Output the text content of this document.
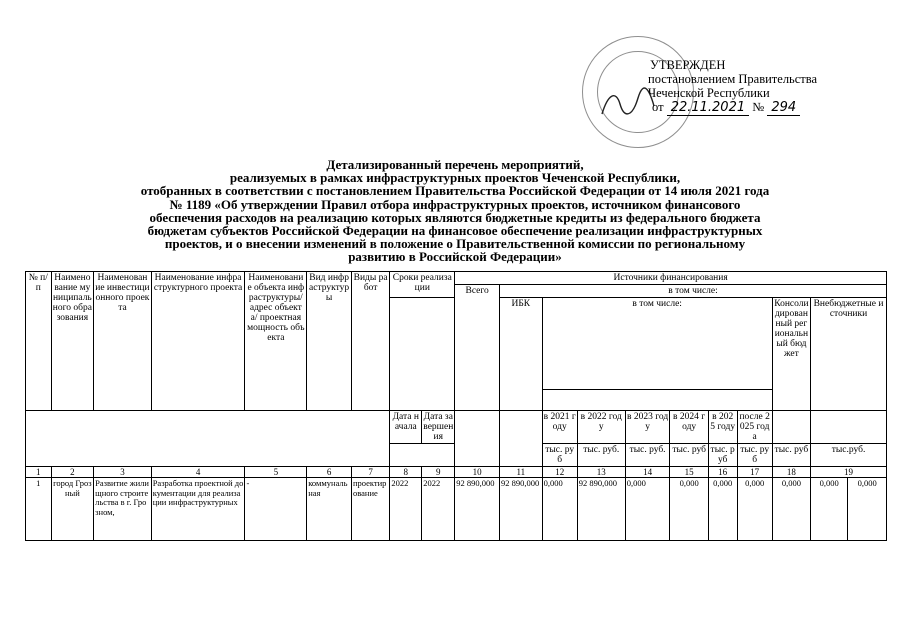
УТВЕРЖДЕН
постановлением Правительства
Чеченской Республики
от 22.11.2021 № 294
Детализированный перечень мероприятий,
реализуемых в рамках инфраструктурных проектов Чеченской Республики,
отобранных в соответствии с постановлением Правительства Российской Федерации от 14 июля 2021 года
№ 1189 «Об утверждении Правил отбора инфраструктурных проектов, источником финансового
обеспечения расходов на реализацию которых являются бюджетные кредиты из федерального бюджета
бюджетам субъектов Российской Федерации на финансовое обеспечение реализации инфраструктурных
проектов, и о внесении изменений в положение о Правительственной комиссии по региональному
развитию в Российской Федерации»
№ п/п	Наименование муниципального образования	Наименование инвестиционного проекта	Наименование инфраструктурного проекта	Наименование объекта инфраструктуры/ адрес объекта/ проектная мощность объекта	Вид инфраструктуры	Виды работ	Сроки реализации		Источники финансирования										
									Всего	в том числе:									
										ИБК	в том числе:						Консолидированный региональный бюджет	Внебюджетные источники	

							Дата начала	Дата завершения			в 2021 году	в 2022 году	в 2023 году	в 2024 году	в 2025 году	после 2025 года			
											тыс. руб	тыс. руб.	тыс. руб.	тыс. руб	тыс. руб	тыс. руб	тыс. руб	тыс.руб.	
1	2	3	4	5	6	7	8	9	10	11	12	13	14	15	16	17	18	19	
1	город Грозный	Развитие жилищного строительства в г. Грозном,	Разработка проектной документации для реализации инфраструктурных	-	коммунальная	проектирование	2022	2022	92 890,000	92 890,000	0,000	92 890,000	0,000	0,000	0,000	0,000	0,000	0,000	0,000
